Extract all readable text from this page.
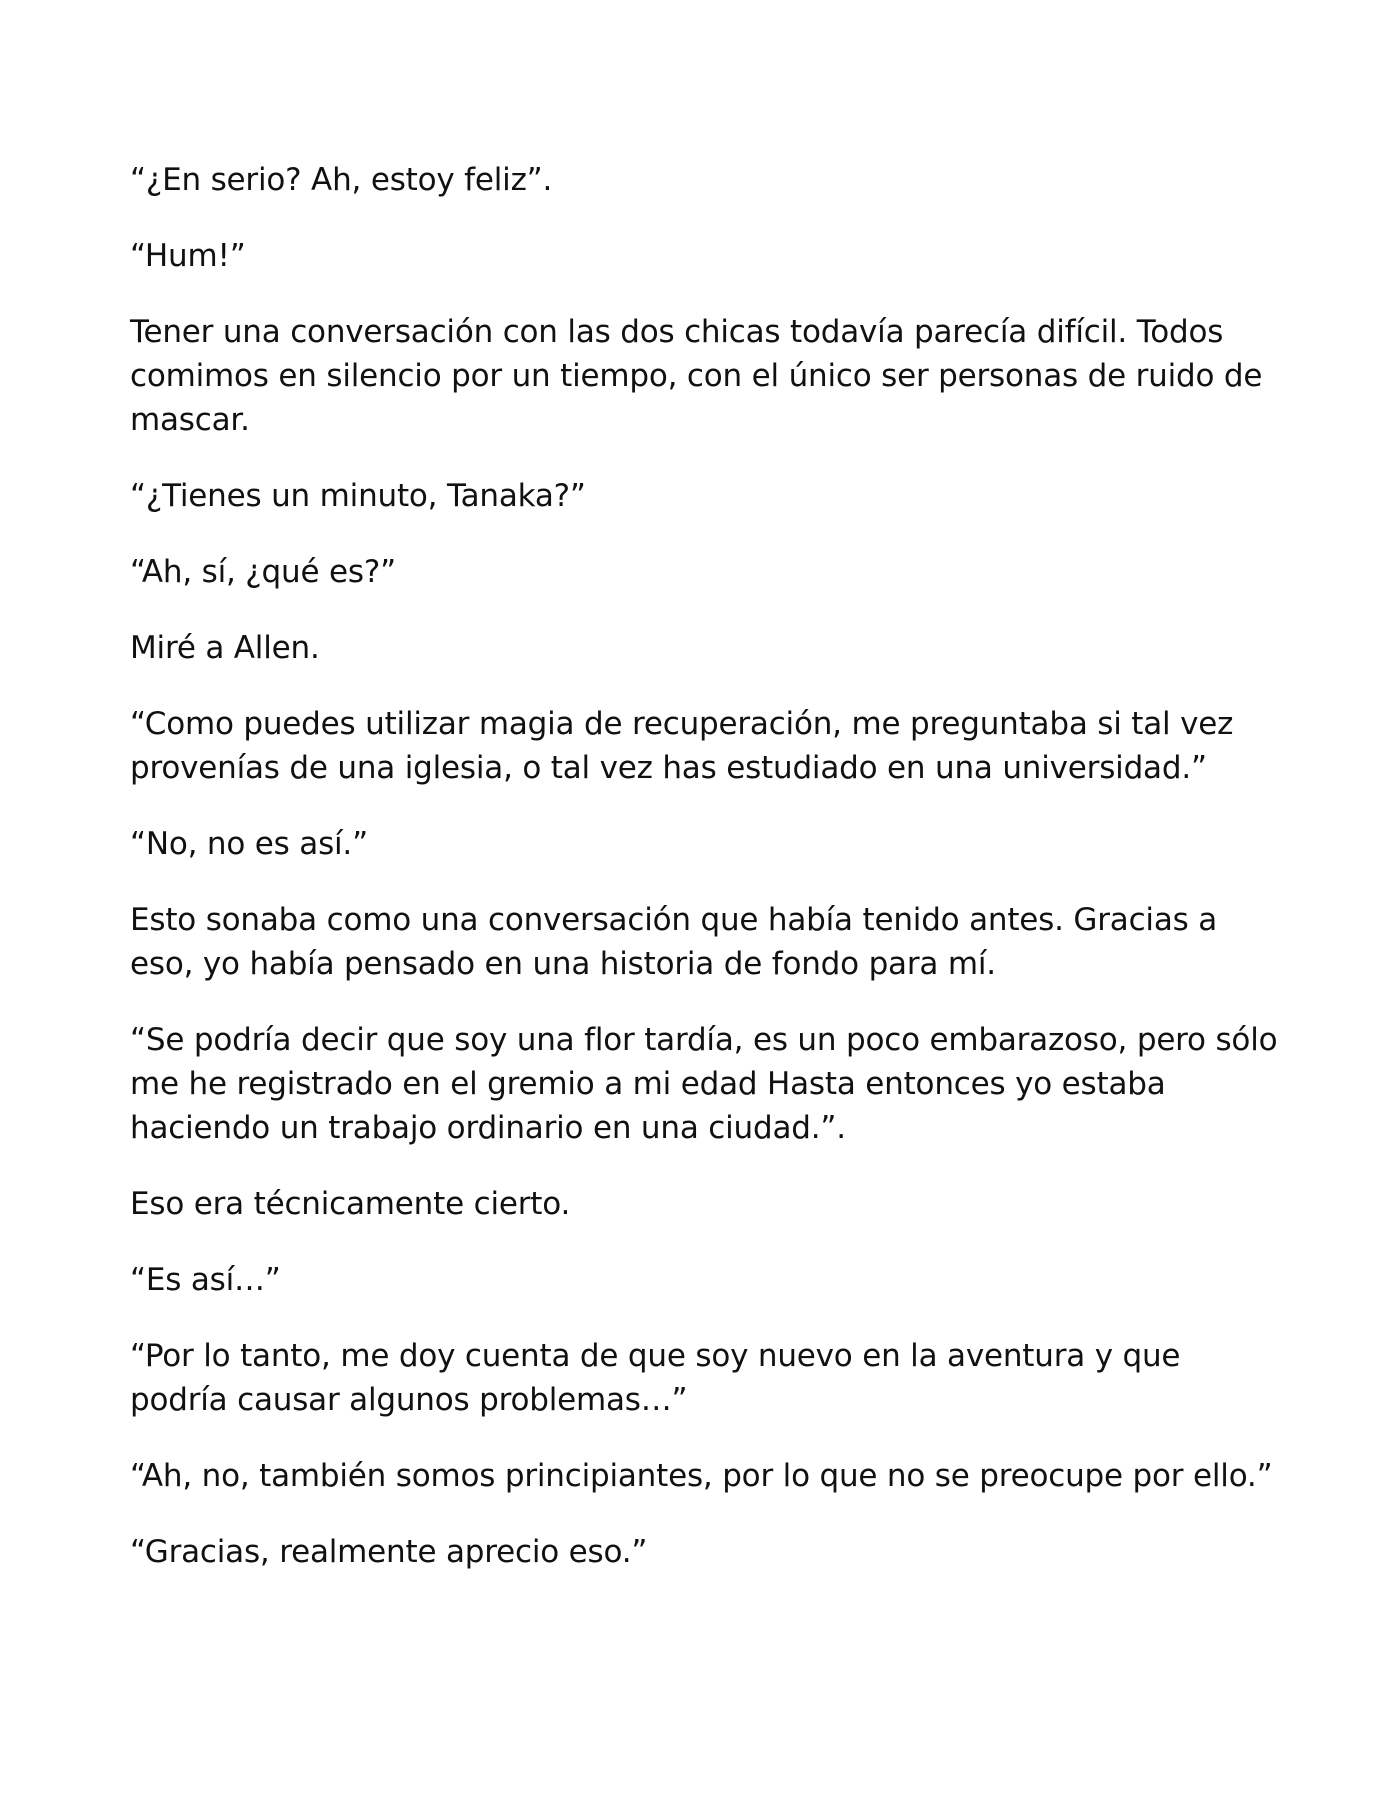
“¿En serio? Ah, estoy feliz”.

“Hum!”

Tener una conversación con las dos chicas todavía parecía difícil. Todos comimos en silencio por un tiempo, con el único ser personas de ruido de mascar.

“¿Tienes un minuto, Tanaka?”

“Ah, sí, ¿qué es?”

Miré a Allen.

“Como puedes utilizar magia de recuperación, me preguntaba si tal vez provenías de una iglesia, o tal vez has estudiado en una universidad.”

“No, no es así.”

Esto sonaba como una conversación que había tenido antes. Gracias a eso, yo había pensado en una historia de fondo para mí.

“Se podría decir que soy una flor tardía, es un poco embarazoso, pero sólo me he registrado en el gremio a mi edad Hasta entonces yo estaba haciendo un trabajo ordinario en una ciudad.”.

Eso era técnicamente cierto.

“Es así…”

“Por lo tanto, me doy cuenta de que soy nuevo en la aventura y que podría causar algunos problemas…”

“Ah, no, también somos principiantes, por lo que no se preocupe por ello.”

“Gracias, realmente aprecio eso.”
